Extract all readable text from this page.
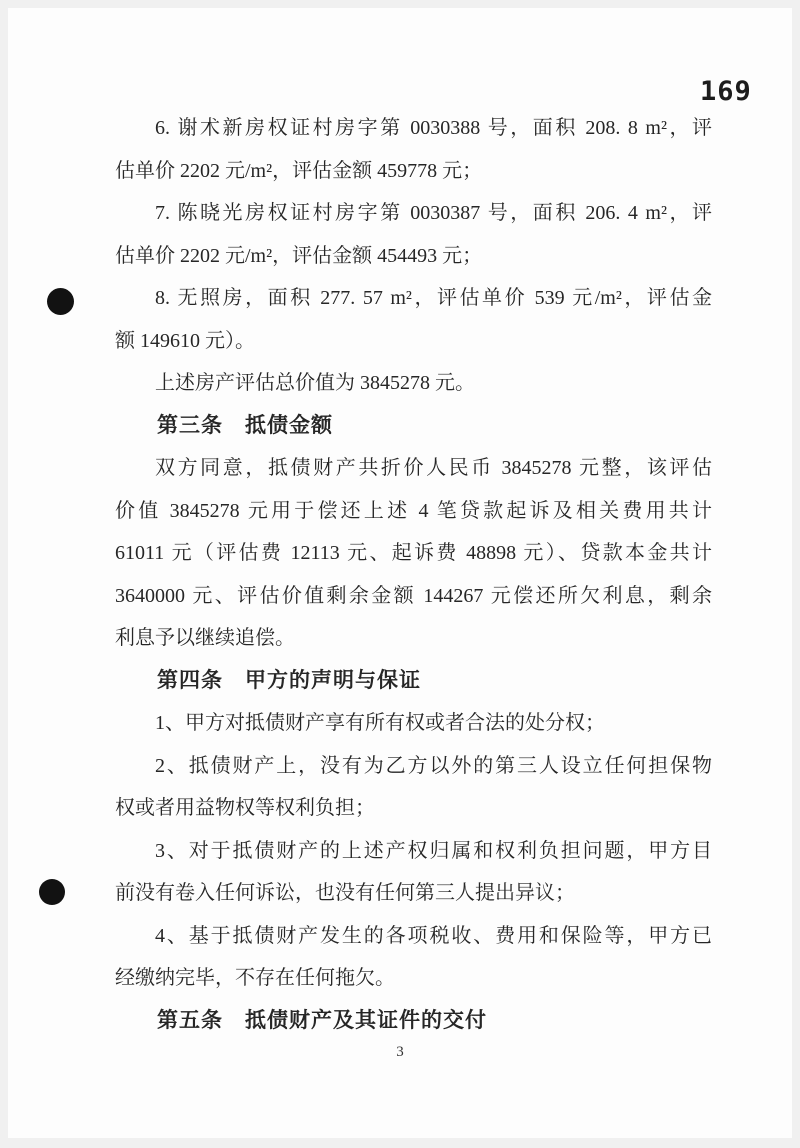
169
6. 谢术新房权证村房字第 0030388 号，面积 208. 8 m²，评
估单价 2202 元/m²，评估金额 459778 元；
7. 陈晓光房权证村房字第 0030387 号，面积 206. 4 m²，评
估单价 2202 元/m²，评估金额 454493 元；
8. 无照房，面积 277. 57 m²，评估单价 539 元/m²，评估金
额 149610 元）。
上述房产评估总价值为 3845278 元。
第三条　抵债金额
双方同意，抵债财产共折价人民币 3845278 元整，该评估
价值 3845278 元用于偿还上述 4 笔贷款起诉及相关费用共计
61011 元（评估费 12113 元、起诉费 48898 元）、贷款本金共计
3640000 元、评估价值剩余金额 144267 元偿还所欠利息，剩余
利息予以继续追偿。
第四条　甲方的声明与保证
1、甲方对抵债财产享有所有权或者合法的处分权；
2、抵债财产上，没有为乙方以外的第三人设立任何担保物
权或者用益物权等权利负担；
3、对于抵债财产的上述产权归属和权利负担问题，甲方目
前没有卷入任何诉讼，也没有任何第三人提出异议；
4、基于抵债财产发生的各项税收、费用和保险等，甲方已
经缴纳完毕，不存在任何拖欠。
第五条　抵债财产及其证件的交付
3
